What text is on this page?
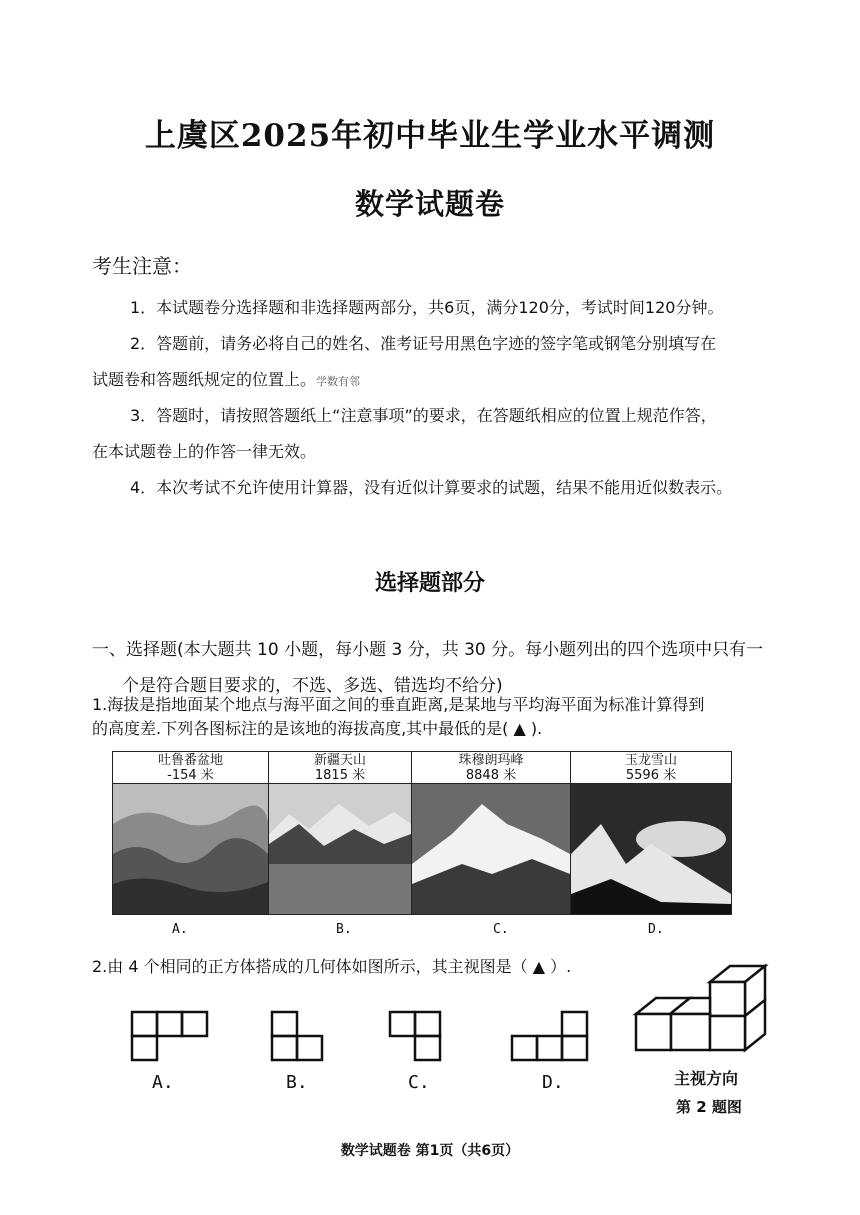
上虞区2025年初中毕业生学业水平调测
数学试题卷
考生注意：
1．本试题卷分选择题和非选择题两部分，共6页，满分120分，考试时间120分钟。
2．答题前，请务必将自己的姓名、准考证号用黑色字迹的签字笔或钢笔分别填写在
试题卷和答题纸规定的位置上。学数有邻
3．答题时，请按照答题纸上“注意事项”的要求，在答题纸相应的位置上规范作答，
在本试题卷上的作答一律无效。
4．本次考试不允许使用计算器，没有近似计算要求的试题，结果不能用近似数表示。
选择题部分
一、选择题(本大题共 10 小题，每小题 3 分，共 30 分。每小题列出的四个选项中只有一
个是符合题目要求的，不选、多选、错选均不给分)
1.海拔是指地面某个地点与海平面之间的垂直距离,是某地与平均海平面为标准计算得到
的高度差.下列各图标注的是该地的海拔高度,其中最低的是( ▲ ).
吐鲁番盆地
-154 米
新疆天山
1815 米
珠穆朗玛峰
8848 米
玉龙雪山
5596 米
A.	B.	C.	D.
2.由 4 个相同的正方体搭成的几何体如图所示，其主视图是（ ▲ ）.
A.	B.	C.	D.	主视方向
第 2 题图
数学试题卷 第1页（共6页）
